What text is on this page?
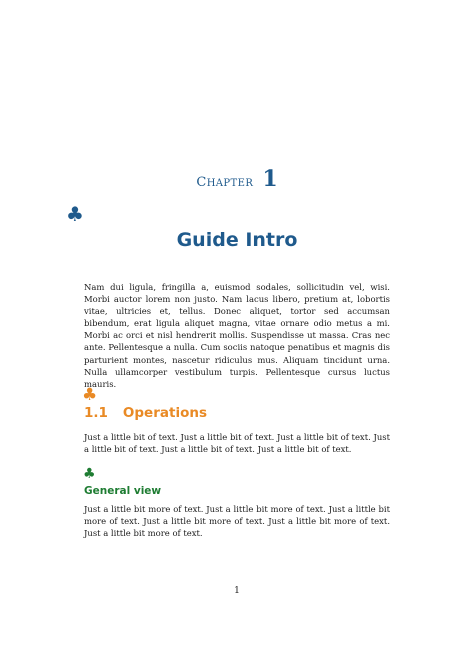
CHAPTER 1
♣
Guide Intro

Nam dui ligula, fringilla a, euismod sodales, sollicitudin vel, wisi. Morbi auctor lorem non justo. Nam lacus libero, pretium at, lobortis vitae, ultricies et, tellus. Donec aliquet, tortor sed accumsan bibendum, erat ligula aliquet magna, vitae ornare odio metus a mi. Morbi ac orci et nisl hendrerit mollis. Suspendisse ut massa. Cras nec ante. Pellentesque a nulla. Cum sociis natoque penatibus et magnis dis parturient montes, nascetur ridiculus mus. Aliquam tincidunt urna. Nulla ullamcorper vestibulum turpis. Pellentesque cursus luctus mauris.

♣
1.1 Operations

Just a little bit of text. Just a little bit of text. Just a little bit of text. Just a little bit of text. Just a little bit of text. Just a little bit of text.

♣
General view

Just a little bit more of text. Just a little bit more of text. Just a little bit more of text. Just a little bit more of text. Just a little bit more of text. Just a little bit more of text.

1
